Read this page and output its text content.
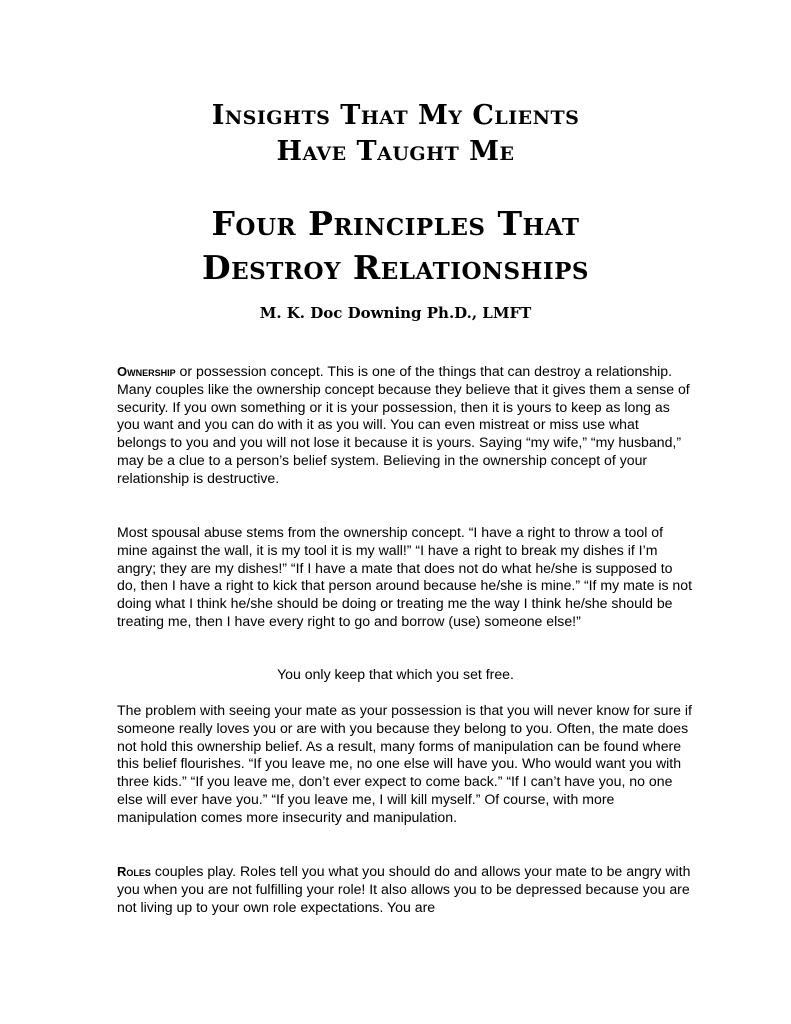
Insights That My Clients
Have Taught Me
Four Principles That
Destroy Relationships
M. K. Doc Downing Ph.D., LMFT

Ownership or possession concept. This is one of the things that can destroy a relationship. Many couples like the ownership concept because they believe that it gives them a sense of security. If you own something or it is your possession, then it is yours to keep as long as you want and you can do with it as you will. You can even mistreat or miss use what belongs to you and you will not lose it because it is yours. Saying “my wife,” “my husband,” may be a clue to a person’s belief system. Believing in the ownership concept of your relationship is destructive.

Most spousal abuse stems from the ownership concept. “I have a right to throw a tool of mine against the wall, it is my tool it is my wall!” “I have a right to break my dishes if I’m angry; they are my dishes!” “If I have a mate that does not do what he/she is supposed to do, then I have a right to kick that person around because he/she is mine.” “If my mate is not doing what I think he/she should be doing or treating me the way I think he/she should be treating me, then I have every right to go and borrow (use) someone else!”

You only keep that which you set free.

The problem with seeing your mate as your possession is that you will never know for sure if someone really loves you or are with you because they belong to you. Often, the mate does not hold this ownership belief. As a result, many forms of manipulation can be found where this belief flourishes. “If you leave me, no one else will have you. Who would want you with three kids.” “If you leave me, don’t ever expect to come back.” “If I can’t have you, no one else will ever have you.” “If you leave me, I will kill myself.” Of course, with more manipulation comes more insecurity and manipulation.

Roles couples play. Roles tell you what you should do and allows your mate to be angry with you when you are not fulfilling your role! It also allows you to be depressed because you are not living up to your own role expectations. You are
